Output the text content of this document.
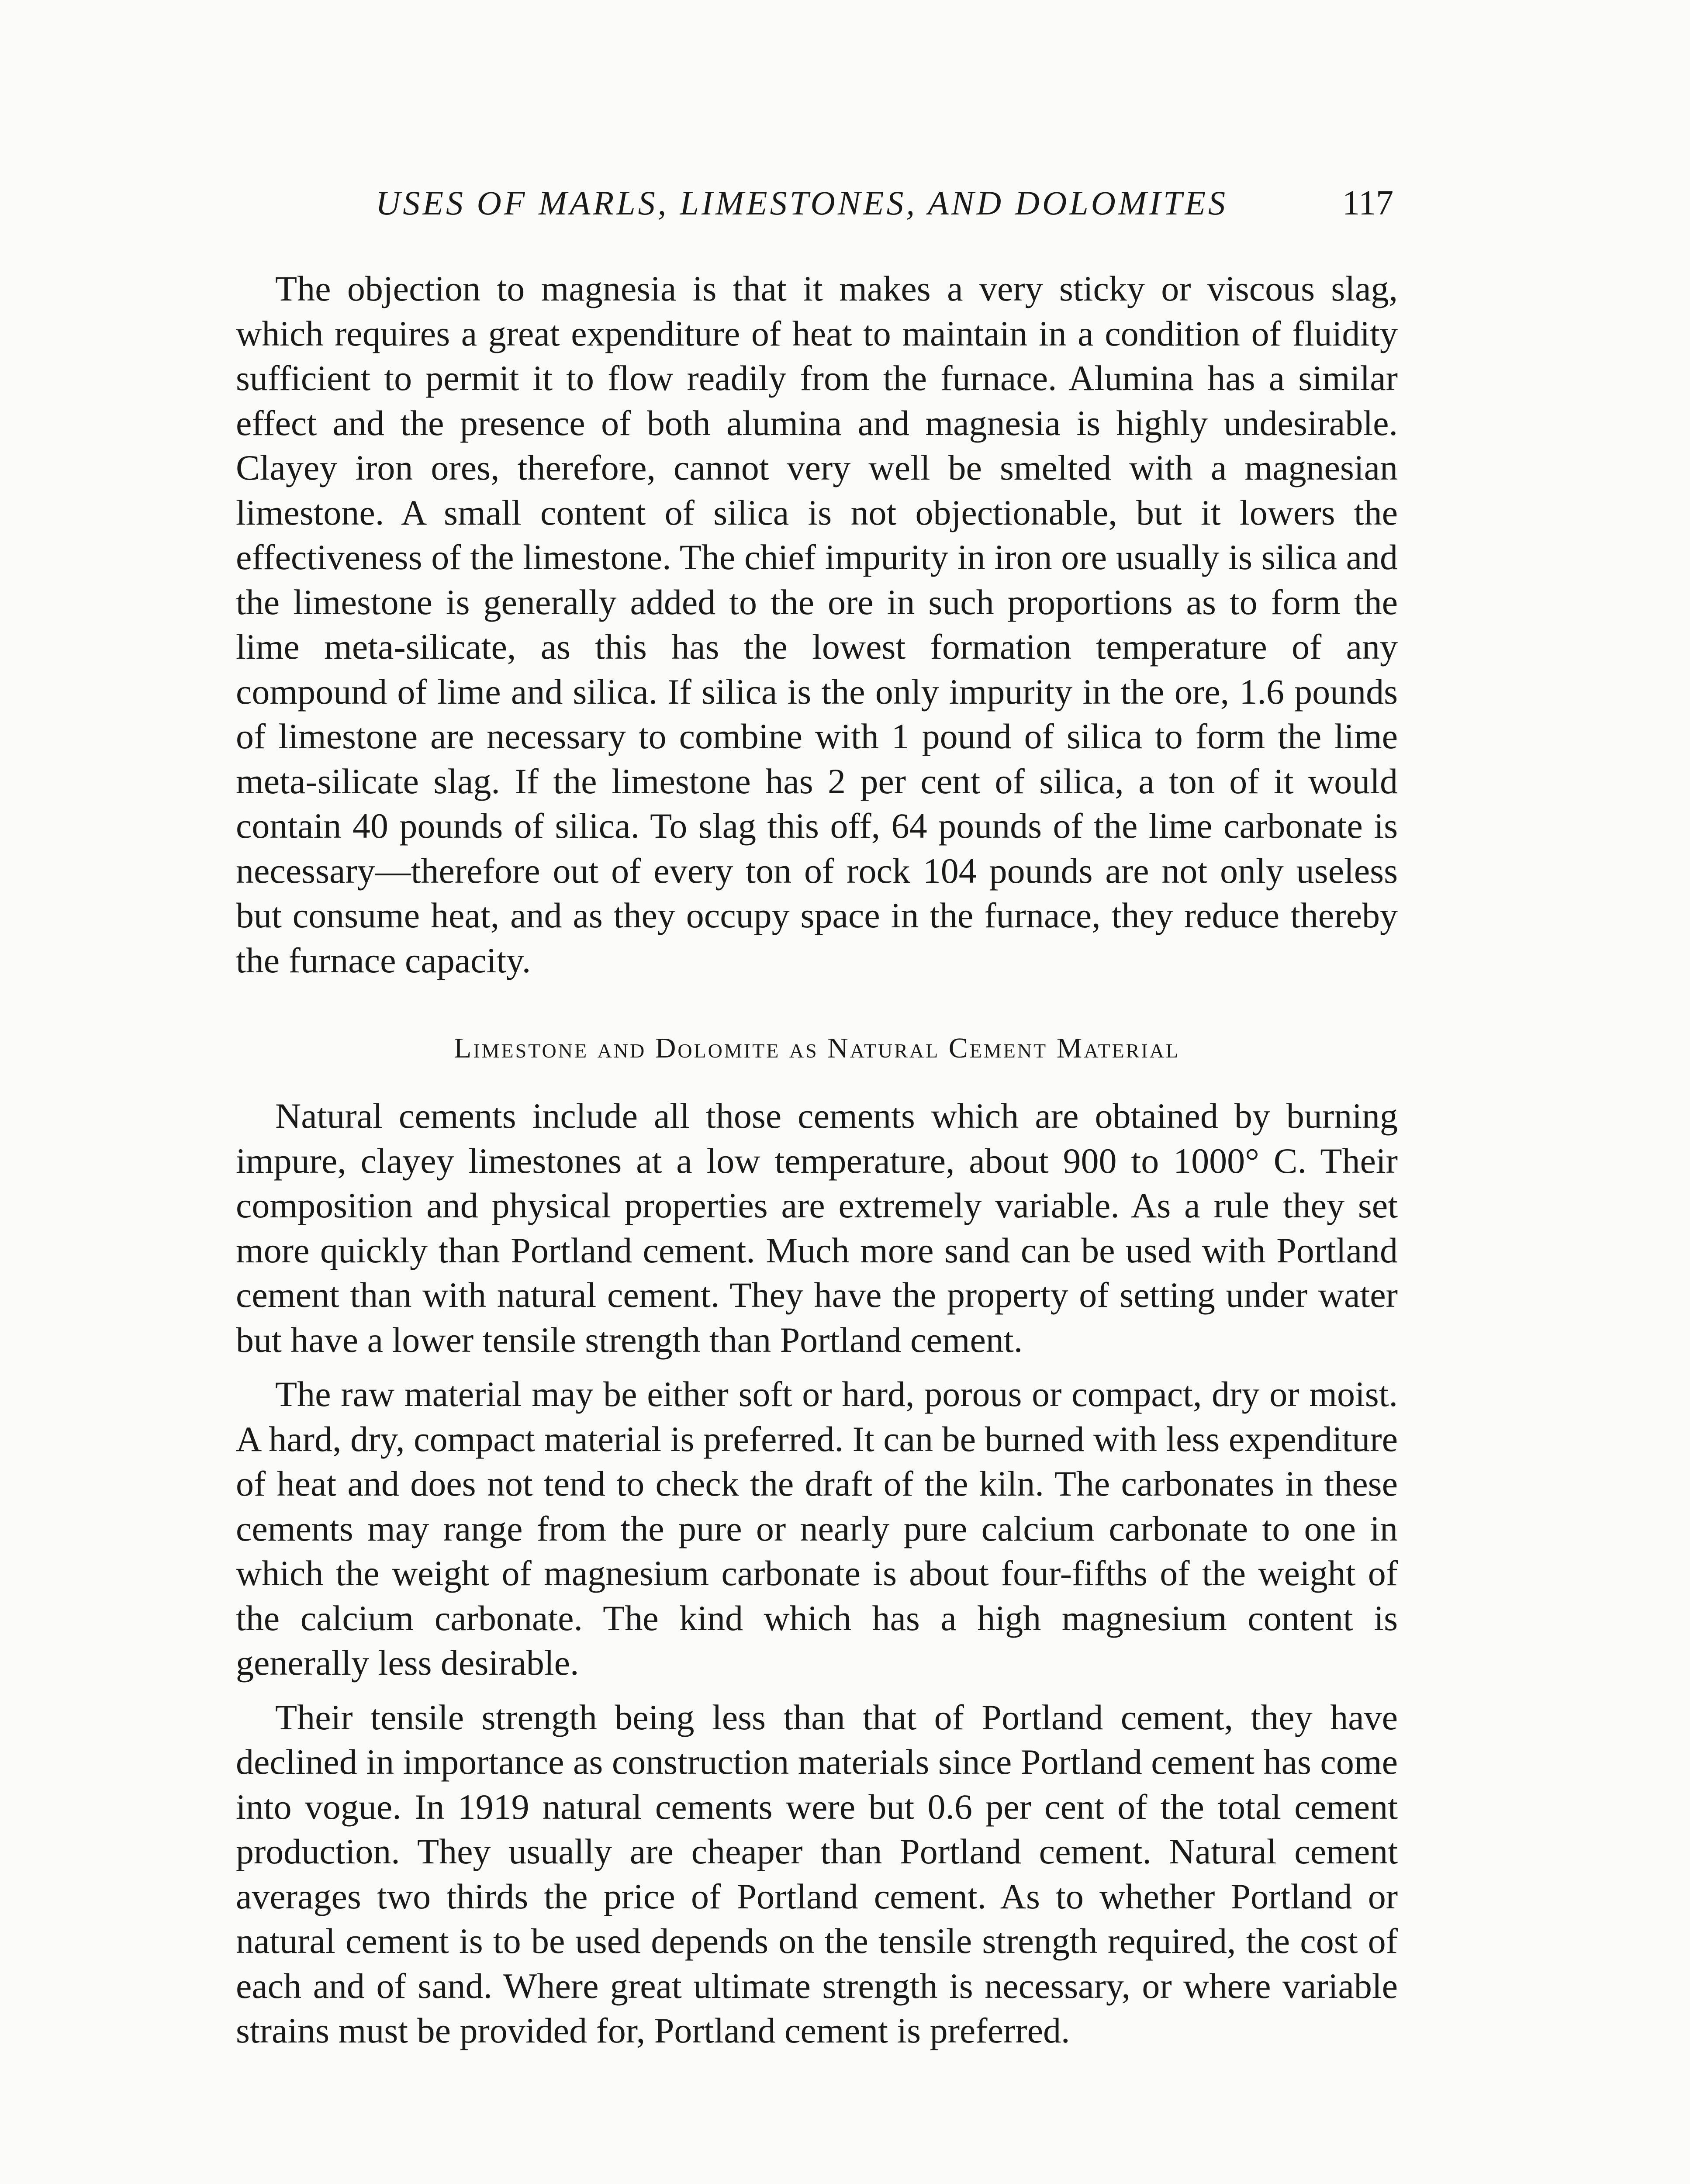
USES OF MARLS, LIMESTONES, AND DOLOMITES	117

The objection to magnesia is that it makes a very sticky or viscous slag, which requires a great expenditure of heat to maintain in a condition of fluidity sufficient to permit it to flow readily from the furnace. Alumina has a similar effect and the presence of both alumina and magnesia is highly undesirable. Clayey iron ores, therefore, cannot very well be smelted with a magnesian limestone. A small content of silica is not objectionable, but it lowers the effectiveness of the limestone. The chief impurity in iron ore usually is silica and the limestone is generally added to the ore in such proportions as to form the lime meta-silicate, as this has the lowest formation temperature of any compound of lime and silica. If silica is the only impurity in the ore, 1.6 pounds of limestone are necessary to combine with 1 pound of silica to form the lime meta-silicate slag. If the limestone has 2 per cent of silica, a ton of it would contain 40 pounds of silica. To slag this off, 64 pounds of the lime carbonate is necessary—therefore out of every ton of rock 104 pounds are not only useless but consume heat, and as they occupy space in the furnace, they reduce thereby the furnace capacity.

Limestone and Dolomite as Natural Cement Material

Natural cements include all those cements which are obtained by burning impure, clayey limestones at a low temperature, about 900 to 1000° C. Their composition and physical properties are extremely variable. As a rule they set more quickly than Portland cement. Much more sand can be used with Portland cement than with natural cement. They have the property of setting under water but have a lower tensile strength than Portland cement.

The raw material may be either soft or hard, porous or compact, dry or moist. A hard, dry, compact material is preferred. It can be burned with less expenditure of heat and does not tend to check the draft of the kiln. The carbonates in these cements may range from the pure or nearly pure calcium carbonate to one in which the weight of magnesium carbonate is about four-fifths of the weight of the calcium carbonate. The kind which has a high magnesium content is generally less desirable.

Their tensile strength being less than that of Portland cement, they have declined in importance as construction materials since Portland cement has come into vogue. In 1919 natural cements were but 0.6 per cent of the total cement production. They usually are cheaper than Portland cement. Natural cement averages two thirds the price of Portland cement. As to whether Portland or natural cement is to be used depends on the tensile strength required, the cost of each and of sand. Where great ultimate strength is necessary, or where variable strains must be provided for, Portland cement is preferred.
